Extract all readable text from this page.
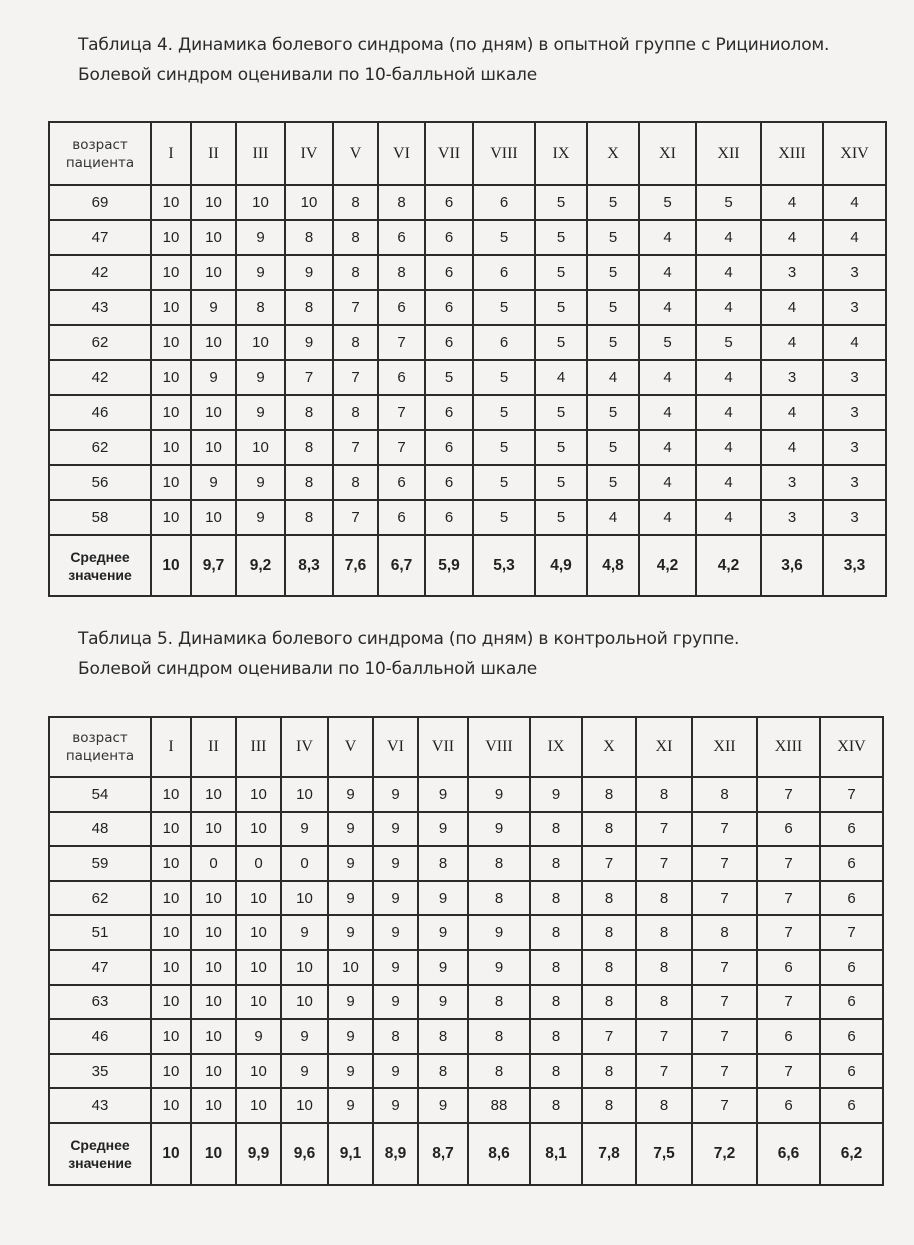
Таблица 4. Динамика болевого синдрома (по дням) в опытной группе с Рициниолом.
Болевой синдром оценивали по 10-балльной шкале
возраст пациента	I	II	III	IV	V	VI	VII	VIII	IX	X	XI	XII	XIII	XIV
69	10	10	10	10	8	8	6	6	5	5	5	5	4	4
47	10	10	9	8	8	6	6	5	5	5	4	4	4	4
42	10	10	9	9	8	8	6	6	5	5	4	4	3	3
43	10	9	8	8	7	6	6	5	5	5	4	4	4	3
62	10	10	10	9	8	7	6	6	5	5	5	5	4	4
42	10	9	9	7	7	6	5	5	4	4	4	4	3	3
46	10	10	9	8	8	7	6	5	5	5	4	4	4	3
62	10	10	10	8	7	7	6	5	5	5	4	4	4	3
56	10	9	9	8	8	6	6	5	5	5	4	4	3	3
58	10	10	9	8	7	6	6	5	5	4	4	4	3	3
Среднее значение	10	9,7	9,2	8,3	7,6	6,7	5,9	5,3	4,9	4,8	4,2	4,2	3,6	3,3
Таблица 5. Динамика болевого синдрома (по дням) в контрольной группе.
Болевой синдром оценивали по 10-балльной шкале
возраст пациента	I	II	III	IV	V	VI	VII	VIII	IX	X	XI	XII	XIII	XIV
54	10	10	10	10	9	9	9	9	9	8	8	8	7	7
48	10	10	10	9	9	9	9	9	8	8	7	7	6	6
59	10	0	0	0	9	9	8	8	8	7	7	7	7	6
62	10	10	10	10	9	9	9	8	8	8	8	7	7	6
51	10	10	10	9	9	9	9	9	8	8	8	8	7	7
47	10	10	10	10	10	9	9	9	8	8	8	7	6	6
63	10	10	10	10	9	9	9	8	8	8	8	7	7	6
46	10	10	9	9	9	8	8	8	8	7	7	7	6	6
35	10	10	10	9	9	9	8	8	8	8	7	7	7	6
43	10	10	10	10	9	9	9	88	8	8	8	7	6	6
Среднее значение	10	10	9,9	9,6	9,1	8,9	8,7	8,6	8,1	7,8	7,5	7,2	6,6	6,2
